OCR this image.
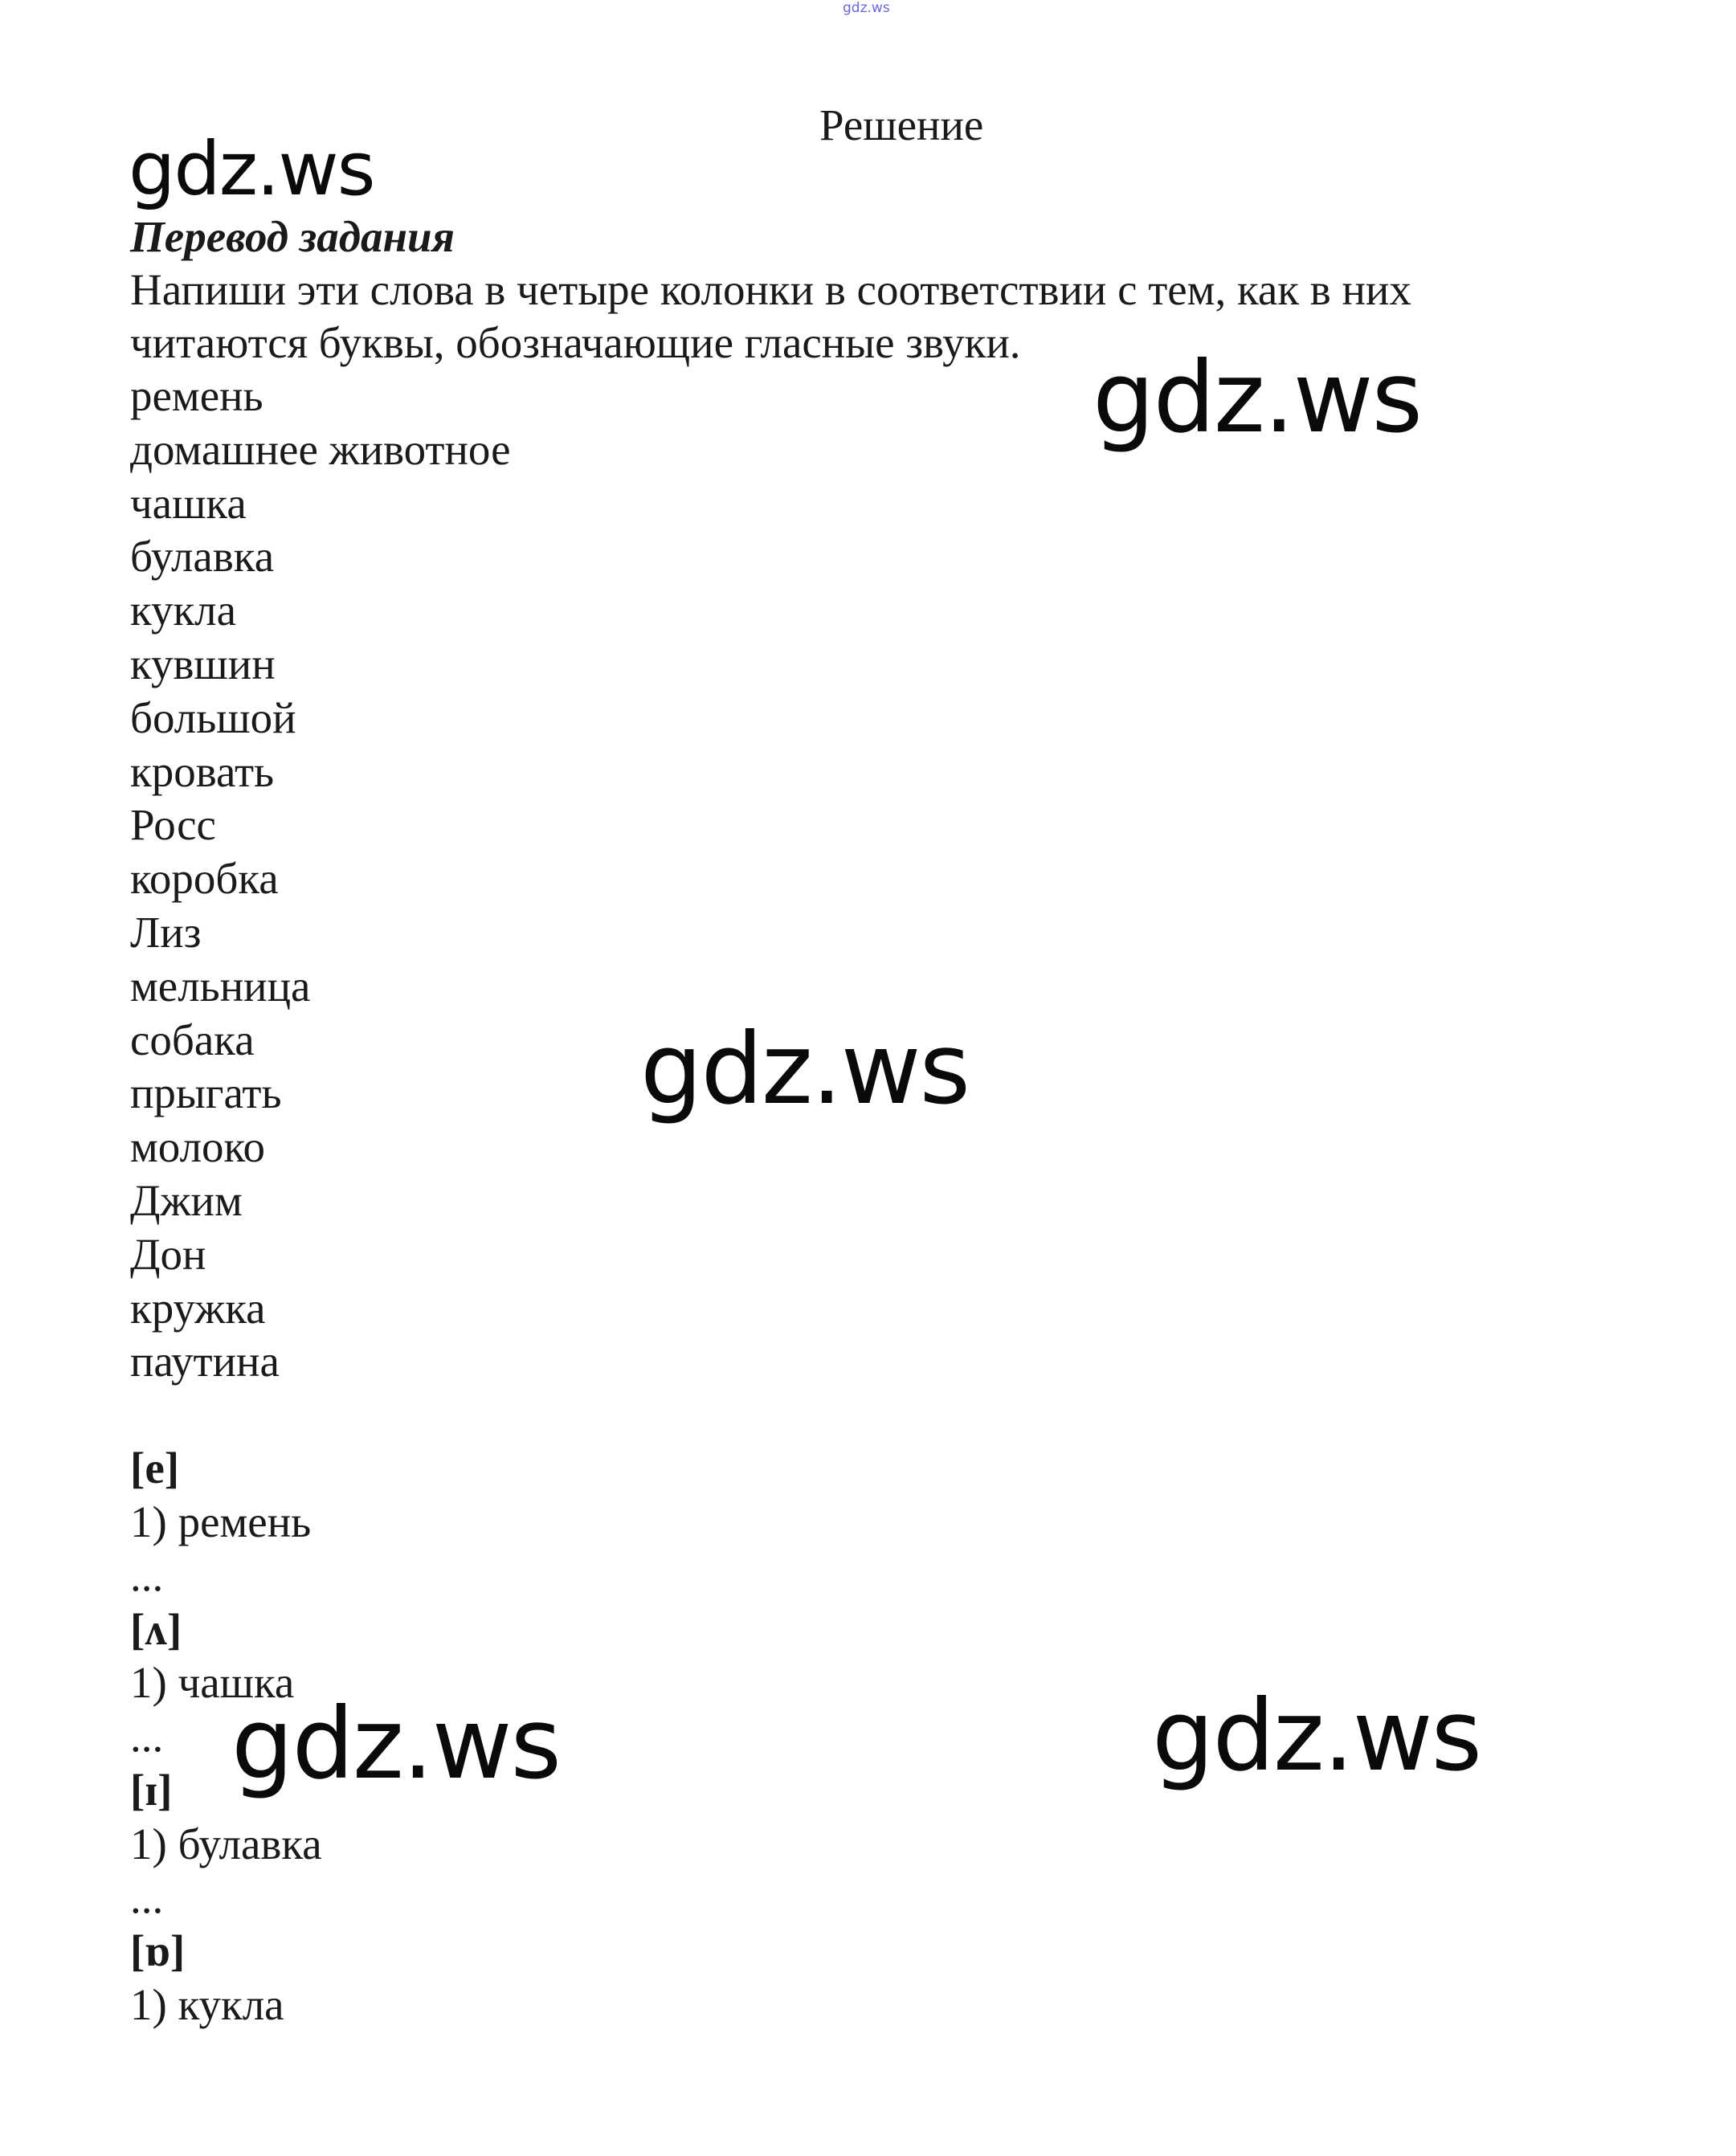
gdz.ws
Решение
gdz.ws
gdz.ws
gdz.ws
gdz.ws	gdz.ws

Перевод задания

Напиши эти слова в четыре колонки в соответствии с тем, как в них читаются буквы, обозначающие гласные звуки.

ремень
домашнее животное
чашка
булавка
кукла
кувшин
большой
кровать
Росс
коробка
Лиз
мельница
собака
прыгать
молоко
Джим
Дон
кружка
паутина
[e]
1) ремень
...
[ʌ]
1) чашка
...
[ɪ]
1) булавка
...
[ɒ]
1) кукла
